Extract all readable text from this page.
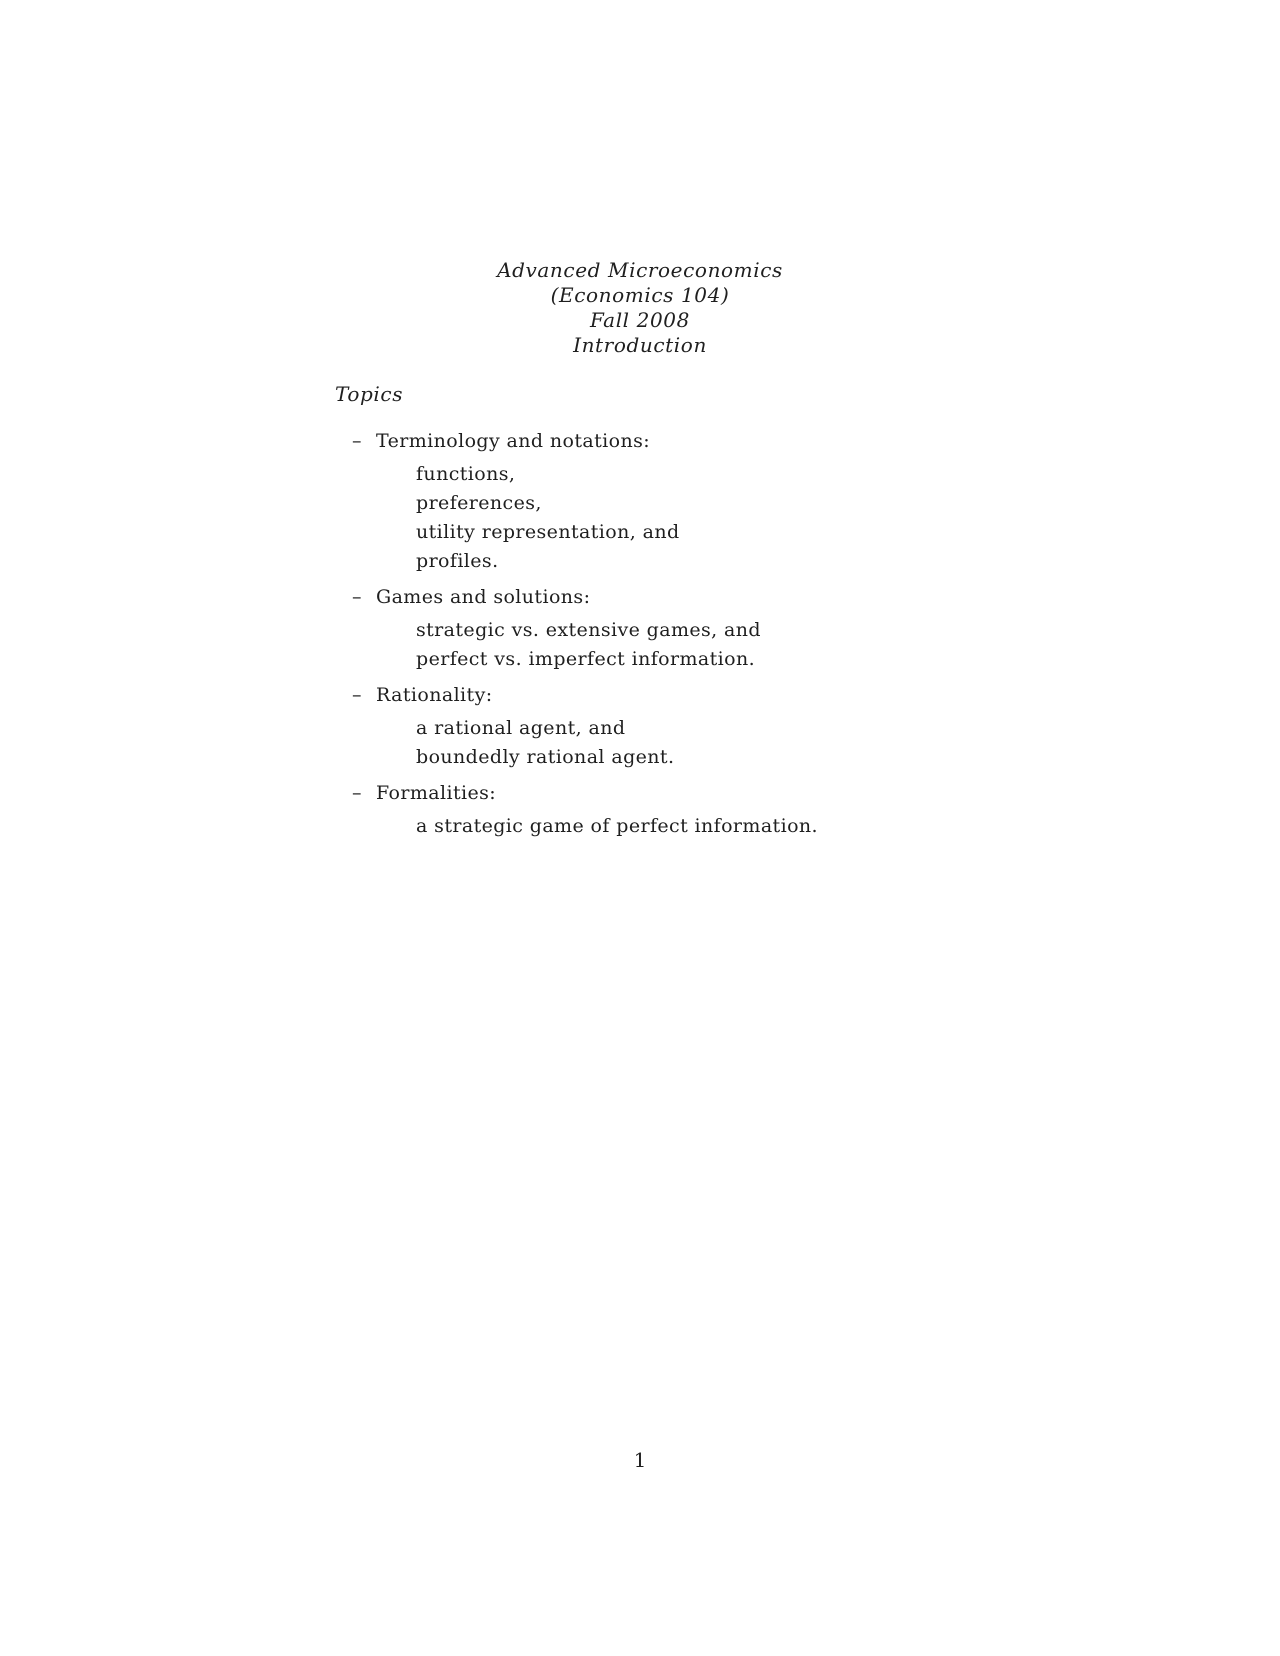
Advanced Microeconomics
(Economics 104)
Fall 2008
Introduction
Topics
– Terminology and notations:
functions,
preferences,
utility representation, and
profiles.
– Games and solutions:
strategic vs. extensive games, and
perfect vs. imperfect information.
– Rationality:
a rational agent, and
boundedly rational agent.
– Formalities:
a strategic game of perfect information.
1
